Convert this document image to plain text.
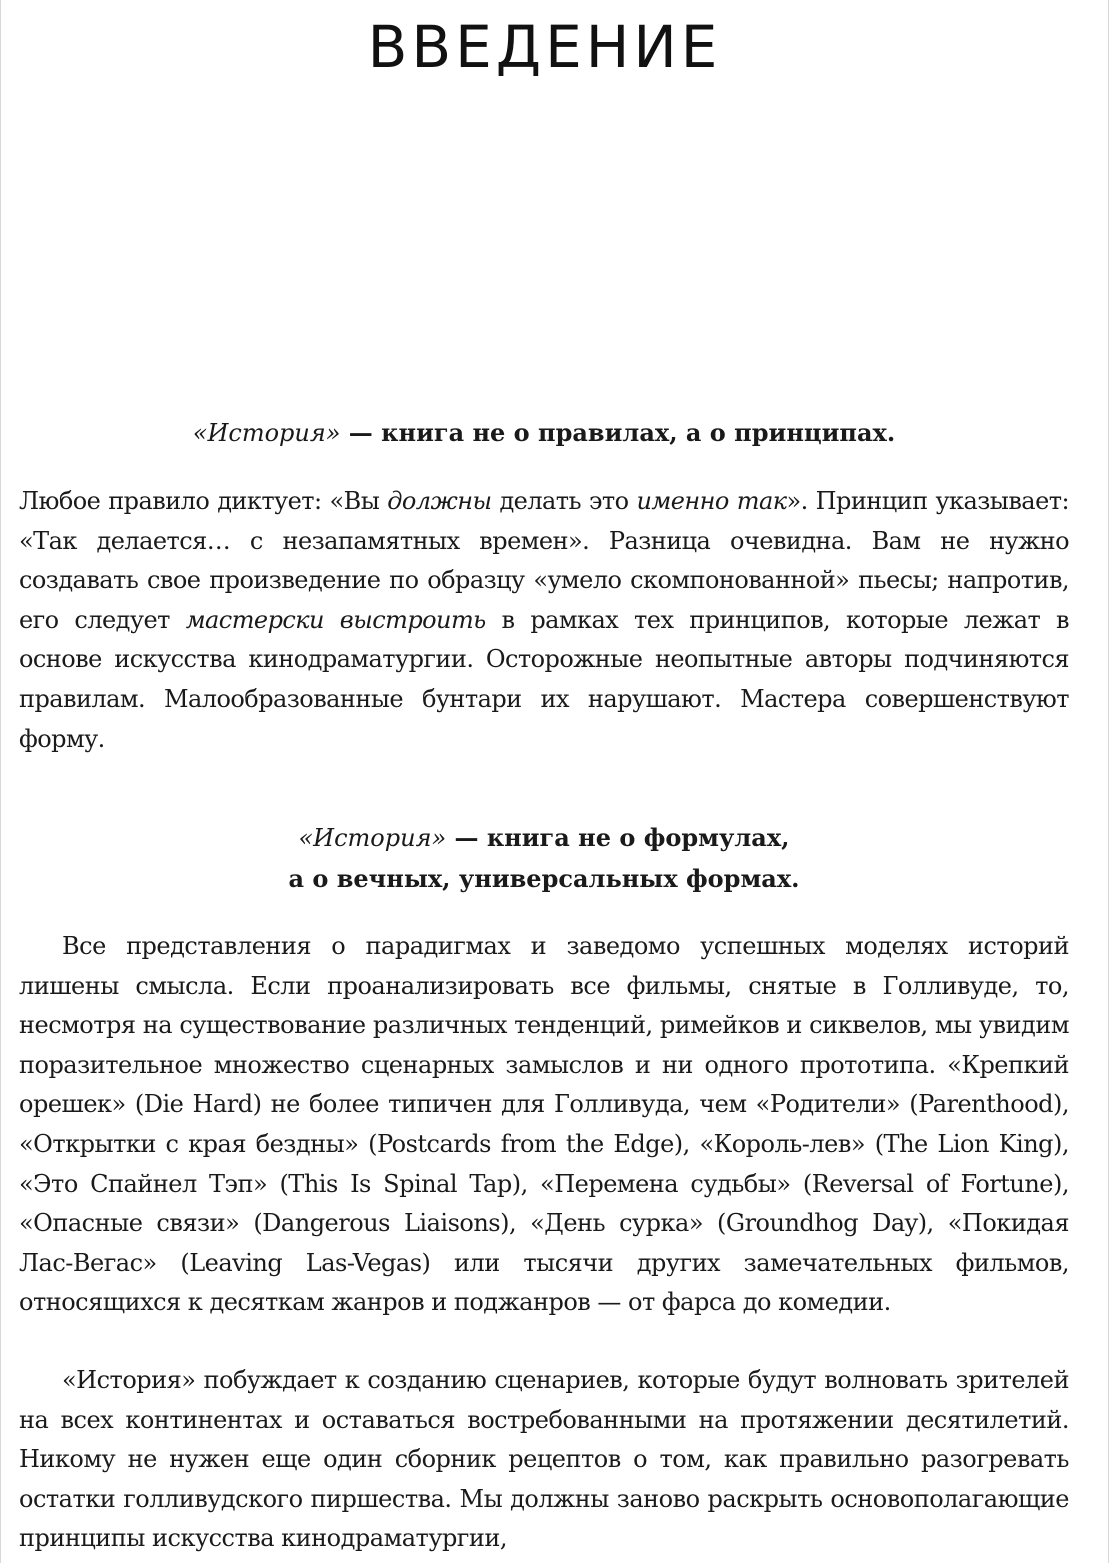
ВВЕДЕНИЕ

«История» — книга не о правилах, а о принципах.

Любое правило диктует: «Вы должны делать это именно так». Принцип указывает: «Так делается… с незапамятных времен». Разница очевидна. Вам не нужно создавать свое произведение по образцу «умело скомпонованной» пьесы; напротив, его следует мастерски выстроить в рамках тех принципов, которые лежат в основе искусства кинодраматургии. Осторожные неопытные авторы подчиняются правилам. Малообразованные бунтари их нарушают. Мастера совершенствуют форму.

«История» — книга не о формулах,
а о вечных, универсальных формах.

Все представления о парадигмах и заведомо успешных моделях историй лишены смысла. Если проанализировать все фильмы, снятые в Голливуде, то, несмотря на существование различных тенденций, римейков и сиквелов, мы увидим поразительное множество сценарных замыслов и ни одного прототипа. «Крепкий орешек» (Die Hard) не более типичен для Голливуда, чем «Родители» (Parenthood), «Открытки с края бездны» (Postcards from the Edge), «Король-лев» (The Lion King), «Это Спайнел Тэп» (This Is Spinal Tap), «Перемена судьбы» (Reversal of Fortune), «Опасные связи» (Dangerous Liaisons), «День сурка» (Groundhog Day), «Покидая Лас-Вегас» (Leaving Las-Vegas) или тысячи других замечательных фильмов, относящихся к десяткам жанров и поджанров — от фарса до комедии.

«История» побуждает к созданию сценариев, которые будут волновать зрителей на всех континентах и оставаться востребованными на протяжении десятилетий. Никому не нужен еще один сборник рецептов о том, как правильно разогревать остатки голливудского пиршества. Мы должны заново раскрыть основополагающие принципы искусства кинодраматургии,
